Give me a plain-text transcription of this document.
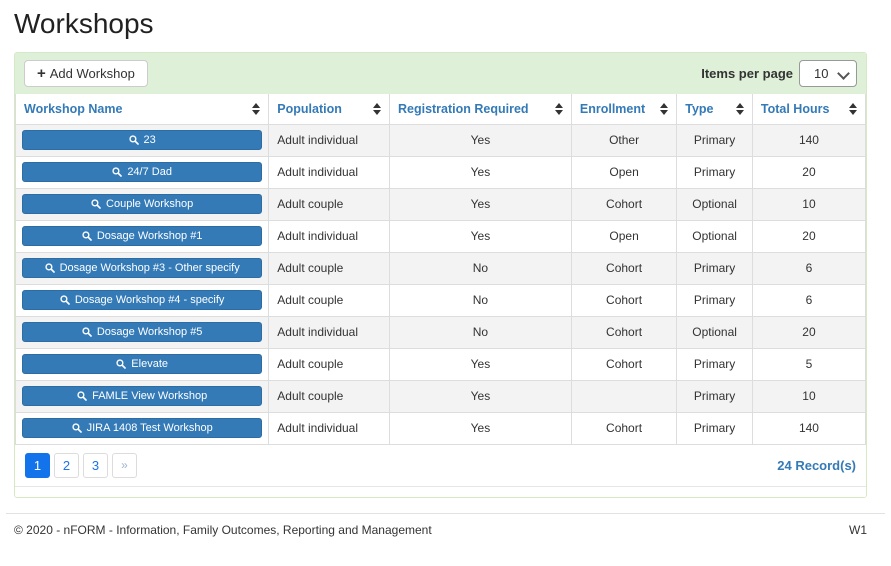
Workshops
+ Add Workshop	Items per page
10
Workshop Name	Population	Registration Required	Enrollment	Type	Total Hours

23	Adult individual	Yes	Other	Primary	140

24/7 Dad	Adult individual	Yes	Open	Primary	20

Couple Workshop	Adult couple	Yes	Cohort	Optional	10

Dosage Workshop #1	Adult individual	Yes	Open	Optional	20

Dosage Workshop #3 - Other specify	Adult couple	No	Cohort	Primary	6

Dosage Workshop #4 - specify	Adult couple	No	Cohort	Primary	6

Dosage Workshop #5	Adult individual	No	Cohort	Optional	20

Elevate	Adult couple	Yes	Cohort	Primary	5

FAMLE View Workshop	Adult couple	Yes		Primary	10

JIRA 1408 Test Workshop	Adult individual	Yes	Cohort	Primary	140
1	2	3	»	24 Record(s)
© 2020 - nFORM - Information, Family Outcomes, Reporting and Management	W1
